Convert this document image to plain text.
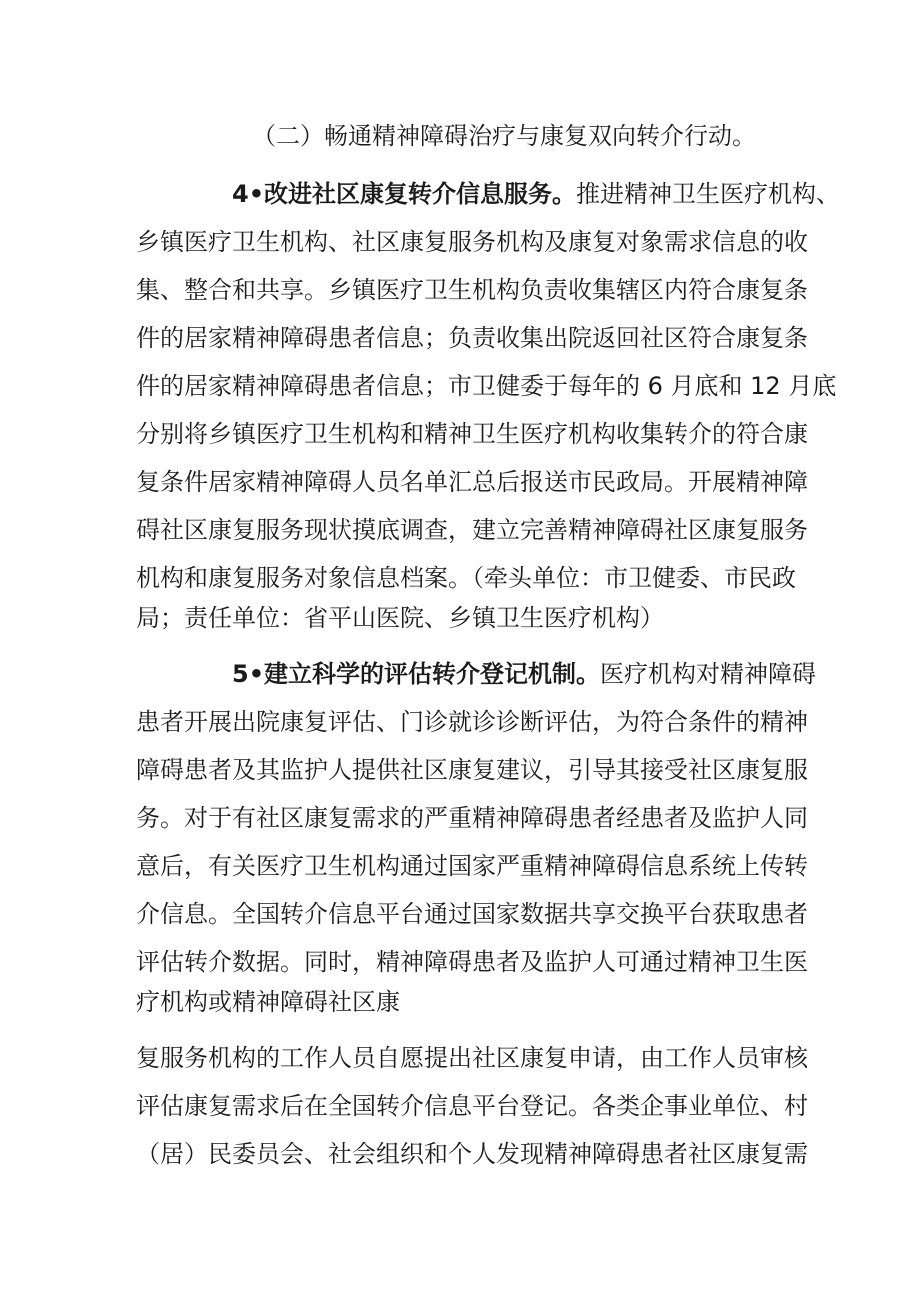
（二）畅通精神障碍治疗与康复双向转介行动。
4•改进社区康复转介信息服务。推进精神卫生医疗机构、
乡镇医疗卫生机构、社区康复服务机构及康复对象需求信息的收
集、整合和共享。乡镇医疗卫生机构负责收集辖区内符合康复条
件的居家精神障碍患者信息；负责收集出院返回社区符合康复条
件的居家精神障碍患者信息；市卫健委于每年的 6 月底和 12 月底
分别将乡镇医疗卫生机构和精神卫生医疗机构收集转介的符合康
复条件居家精神障碍人员名单汇总后报送市民政局。开展精神障
碍社区康复服务现状摸底调查，建立完善精神障碍社区康复服务
机构和康复服务对象信息档案。（牵头单位：市卫健委、市民政
局；责任单位：省平山医院、乡镇卫生医疗机构）
5•建立科学的评估转介登记机制。医疗机构对精神障碍
患者开展出院康复评估、门诊就诊诊断评估，为符合条件的精神
障碍患者及其监护人提供社区康复建议，引导其接受社区康复服
务。对于有社区康复需求的严重精神障碍患者经患者及监护人同
意后，有关医疗卫生机构通过国家严重精神障碍信息系统上传转
介信息。全国转介信息平台通过国家数据共享交换平台获取患者
评估转介数据。同时，精神障碍患者及监护人可通过精神卫生医
疗机构或精神障碍社区康
复服务机构的工作人员自愿提出社区康复申请，由工作人员审核
评估康复需求后在全国转介信息平台登记。各类企事业单位、村
（居）民委员会、社会组织和个人发现精神障碍患者社区康复需
